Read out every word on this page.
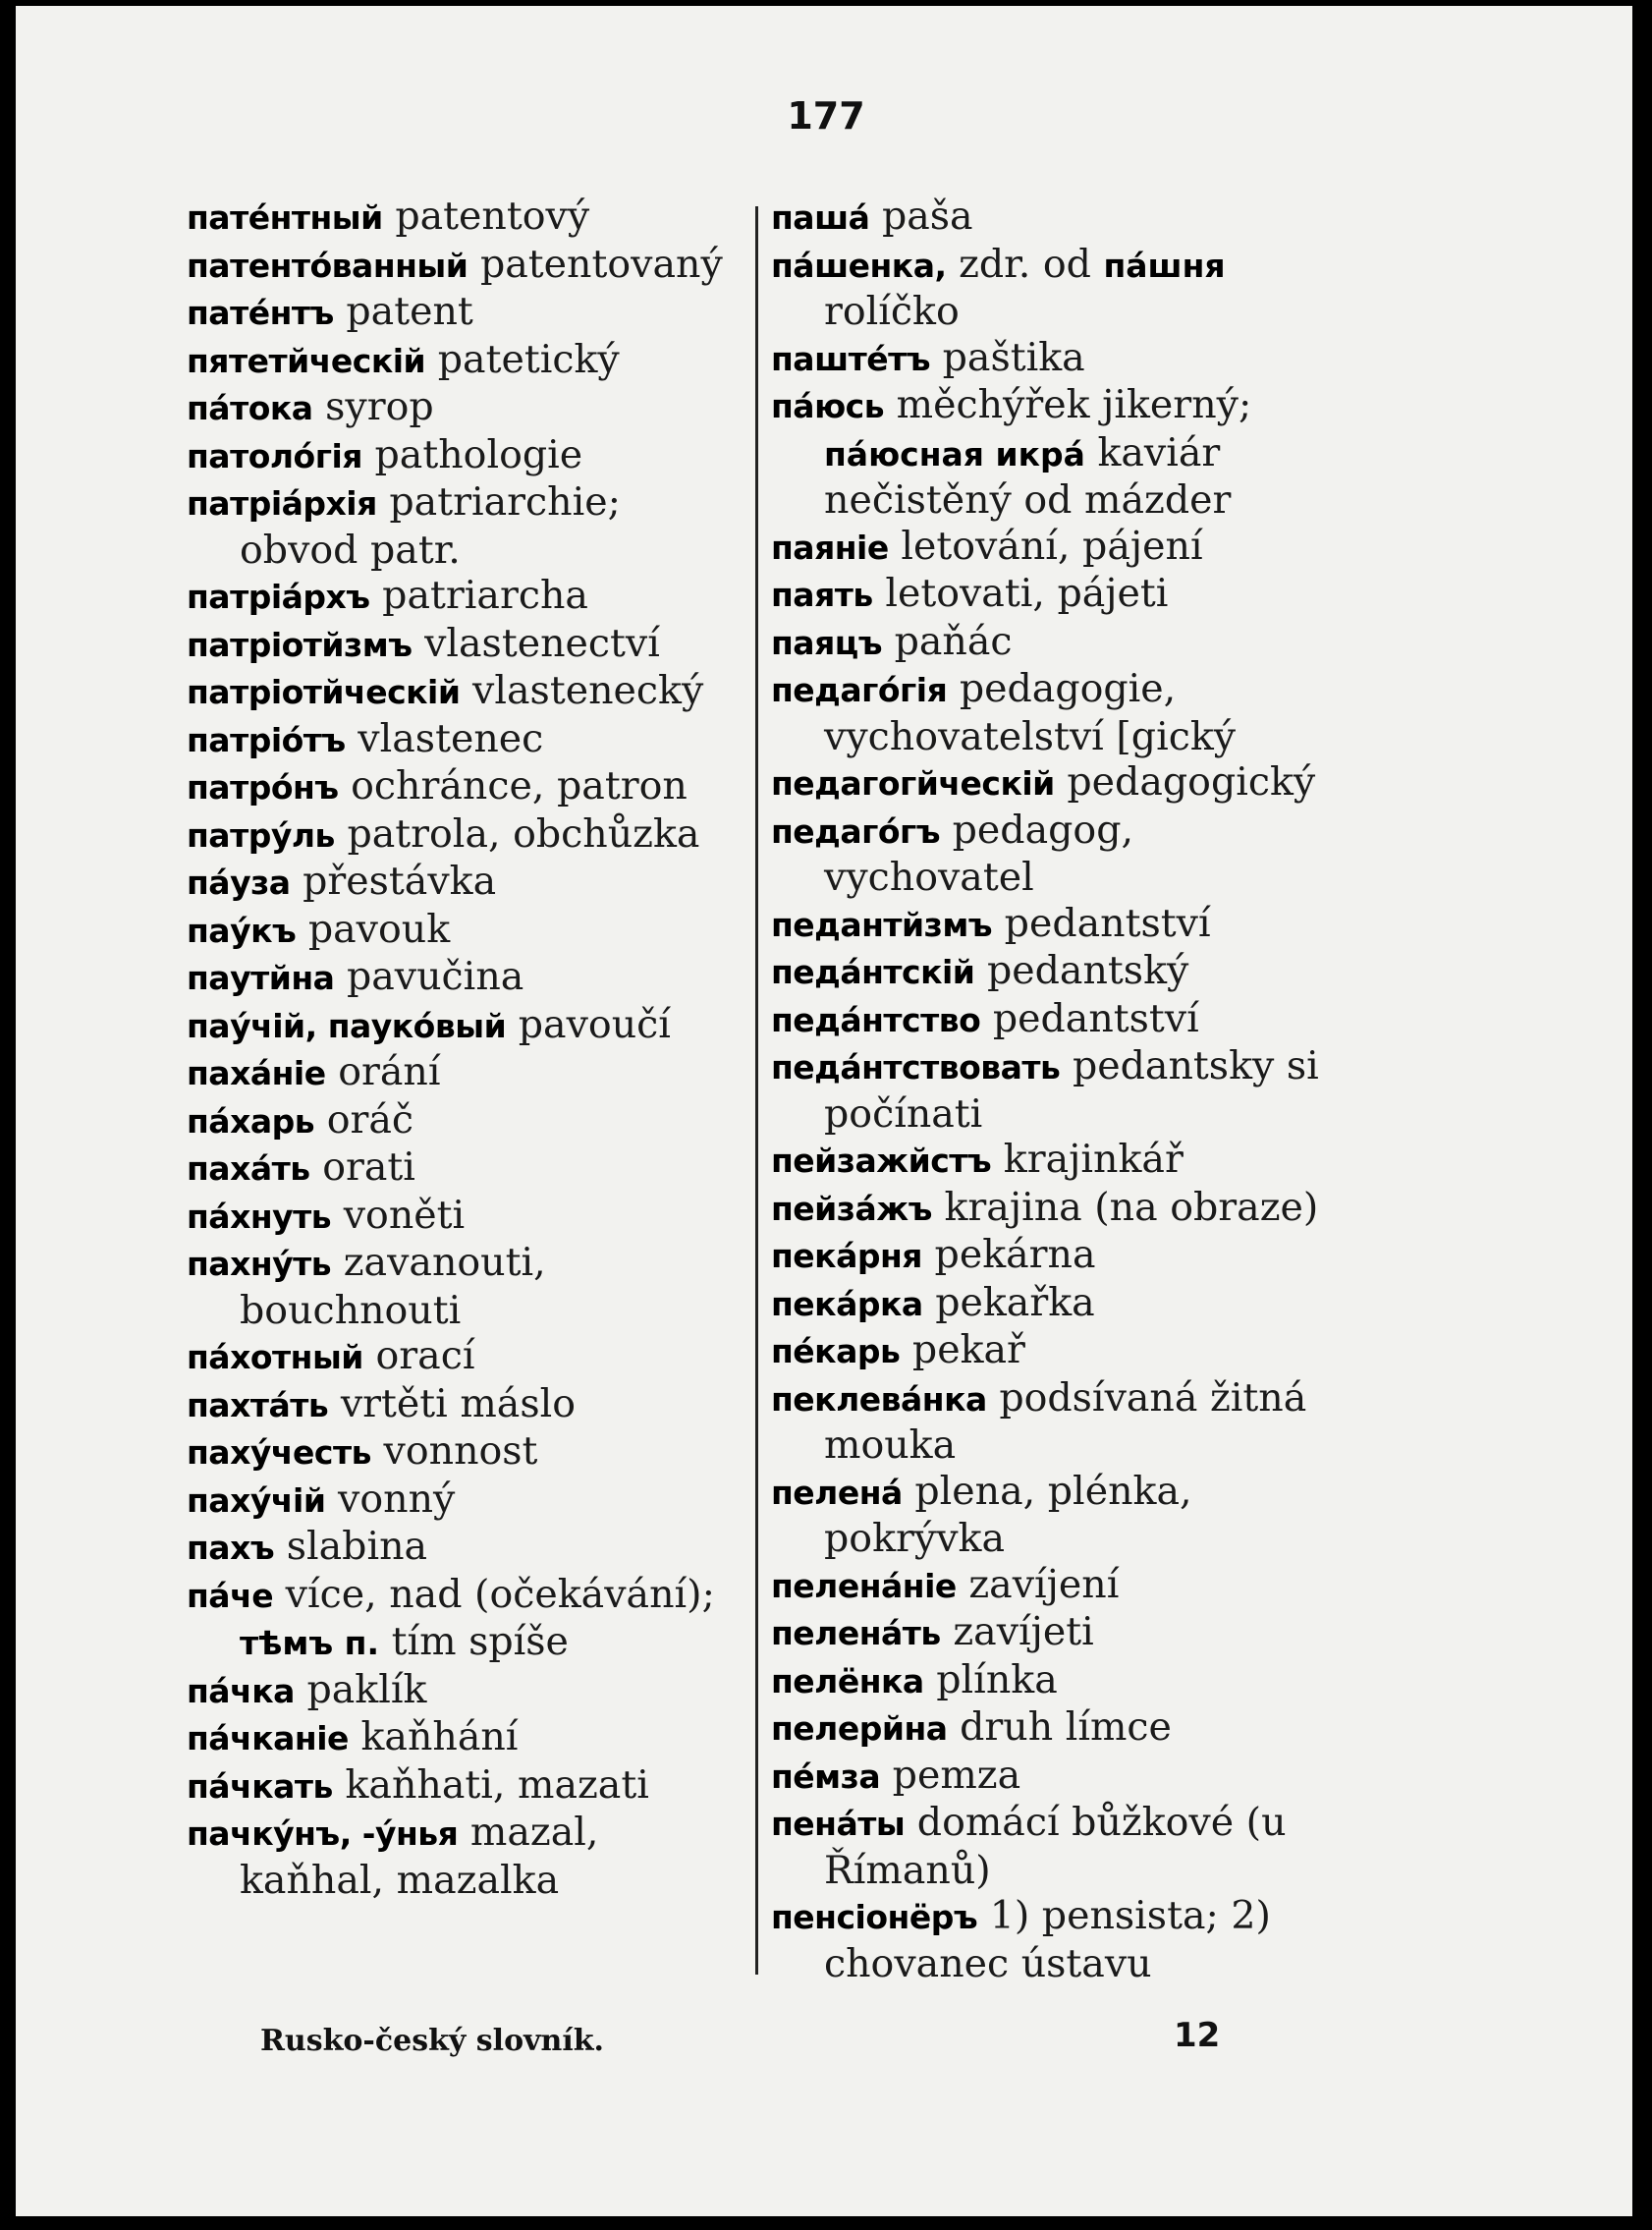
177

патéнтный patentový

патентóванный patentovaný

патéнтъ patent

пятетйческій patetický

пáтока syrop

патолóгія pathologie

патріáрхія patriarchie; obvod patr.

патріáрхъ patriarcha

патріотйзмъ vlastenectví

патріотйческій vlastenecký

патріóтъ vlastenec

патрóнъ ochránce, patron

патрýль patrola, obchůzka

пáуза přestávka

паýкъ pavouk

паутйна pavučina

паýчій, паукóвый pavoučí

пахáніе orání

пáхарь oráč

пахáть orati

пáхнуть voněti

пахнýть zavanouti, bouchnouti

пáхотный orací

пахтáть vrtěti máslo

пахýчесть vonnost

пахýчій vonný

пахъ slabina

пáче více, nad (očekávání); тѣмъ п. tím spíše

пáчка paklík

пáчканіе kaňhání

пáчкать kaňhati, mazati

пачкýнъ, -ýнья mazal, kaňhal, mazalka

пашá paša

пáшенка, zdr. od пáшня rolíčko

паштéтъ paštika

пáюсь měchýřek jikerný; пáюсная икрá kaviár nečistěný od mázder

паяніе letování, pájení

паять letovati, pájeti

паяцъ paňác

педагóгія pedagogie, vychovatelství [gický

педагогйческій pedagogický

педагóгъ pedagog, vychovatel

педантйзмъ pedantství

педáнтскій pedantský

педáнтство pedantství

педáнтствовать pedantsky si počínati

пейзажйстъ krajinkář

пейзáжъ krajina (na obraze)

пекáрня pekárna

пекáрка pekařka

пéкарь pekař

пеклевáнка podsívaná žitná mouka

пеленá plena, plénka, pokrývka

пеленáніе zavíjení

пеленáть zavíjeti

пелёнка plínka

пелерйна druh límce

пéмза pemza

пенáты domácí bůžkové (u Římanů)

пенсіонёръ 1) pensista; 2) chovanec ústavu

Rusko-český slovník.	12
